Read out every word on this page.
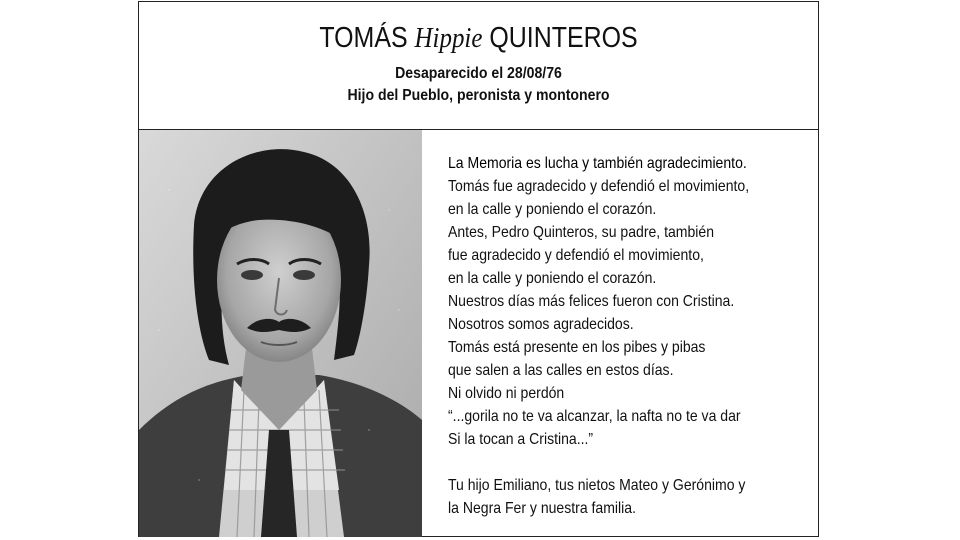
TOMÁS Hippie QUINTEROS
Desaparecido el 28/08/76
Hijo del Pueblo, peronista y montonero
La Memoria es lucha y también agradecimiento.
Tomás fue agradecido y defendió el movimiento,
en la calle y poniendo el corazón.
Antes, Pedro Quinteros, su padre, también
fue agradecido y defendió el movimiento,
en la calle y poniendo el corazón.
Nuestros días más felices fueron con Cristina.
Nosotros somos agradecidos.
Tomás está presente en los pibes y pibas
que salen a las calles en estos días.
Ni olvido ni perdón
“...gorila no te va alcanzar, la nafta no te va dar
Si la tocan a Cristina...”
Tu hijo Emiliano, tus nietos Mateo y Gerónimo y
la Negra Fer y nuestra familia.
